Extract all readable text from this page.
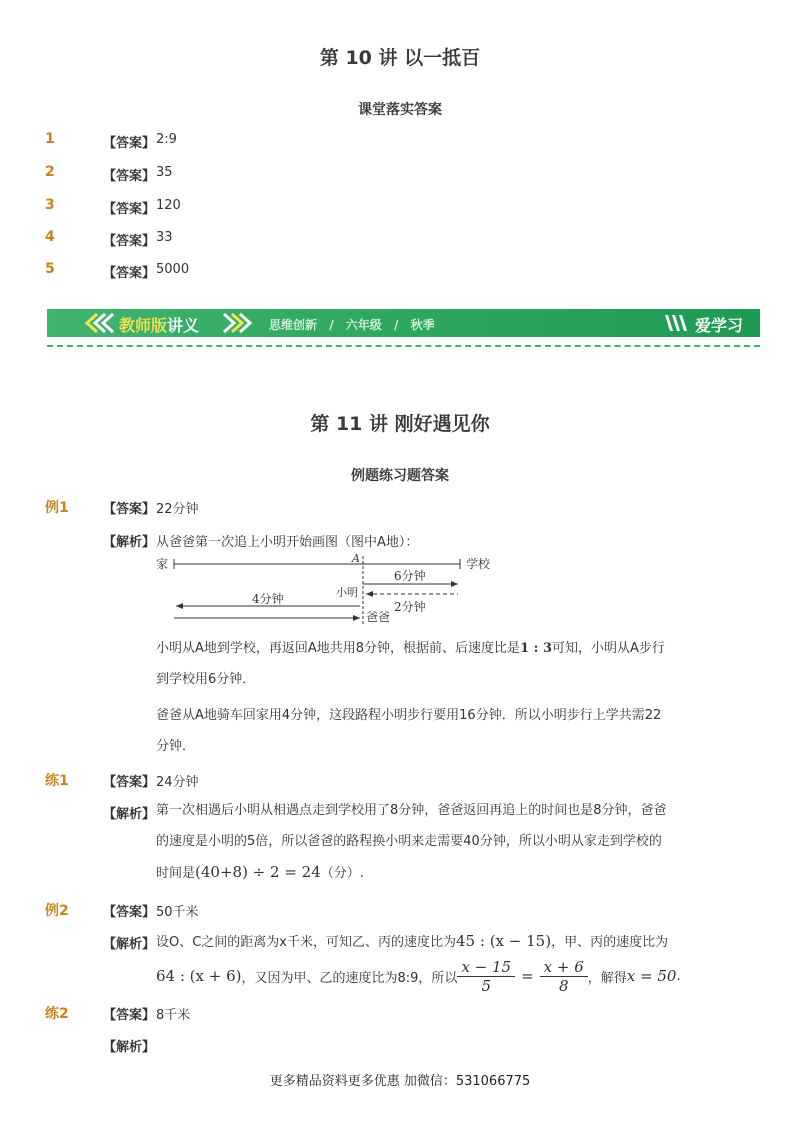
第 10 讲 以一抵百
课堂落实答案
1	【答案】 2:9
2	【答案】 35
3	【答案】 120
4	【答案】 33
5	【答案】 5000
教师版讲义	思维创新 / 六年级 / 秋季	爱学习
第 11 讲 刚好遇见你
例题练习题答案
例1	【答案】 22分钟
【解析】 从爸爸第一次追上小明开始画图（图中A地）：
家	A	学校
6分钟
2分钟
小明
4分钟
爸爸
小明从A地到学校，再返回A地共用8分钟，根据前、后速度比是1 : 3可知，小明从A步行
到学校用6分钟．
爸爸从A地骑车回家用4分钟，这段路程小明步行要用16分钟．所以小明步行上学共需22
分钟．
练1	【答案】 24分钟
【解析】 第一次相遇后小明从相遇点走到学校用了8分钟，爸爸返回再追上的时间也是8分钟，爸爸
的速度是小明的5倍，所以爸爸的路程换小明来走需要40分钟，所以小明从家走到学校的
时间是(40+8) ÷ 2 = 24（分）.
例2	【答案】 50千米
【解析】 设O、C之间的距离为x千米，可知乙、丙的速度比为45 : (x − 15)，甲、丙的速度比为
64 : (x + 6) ，又因为甲、乙的速度比为8:9，所以 $\frac{x - 15}{5} = \frac{x + 6}{8}$ ，解得 x = 50 .
练2	【答案】 8千米
【解析】
更多精品资料更多优惠 加微信：531066775
